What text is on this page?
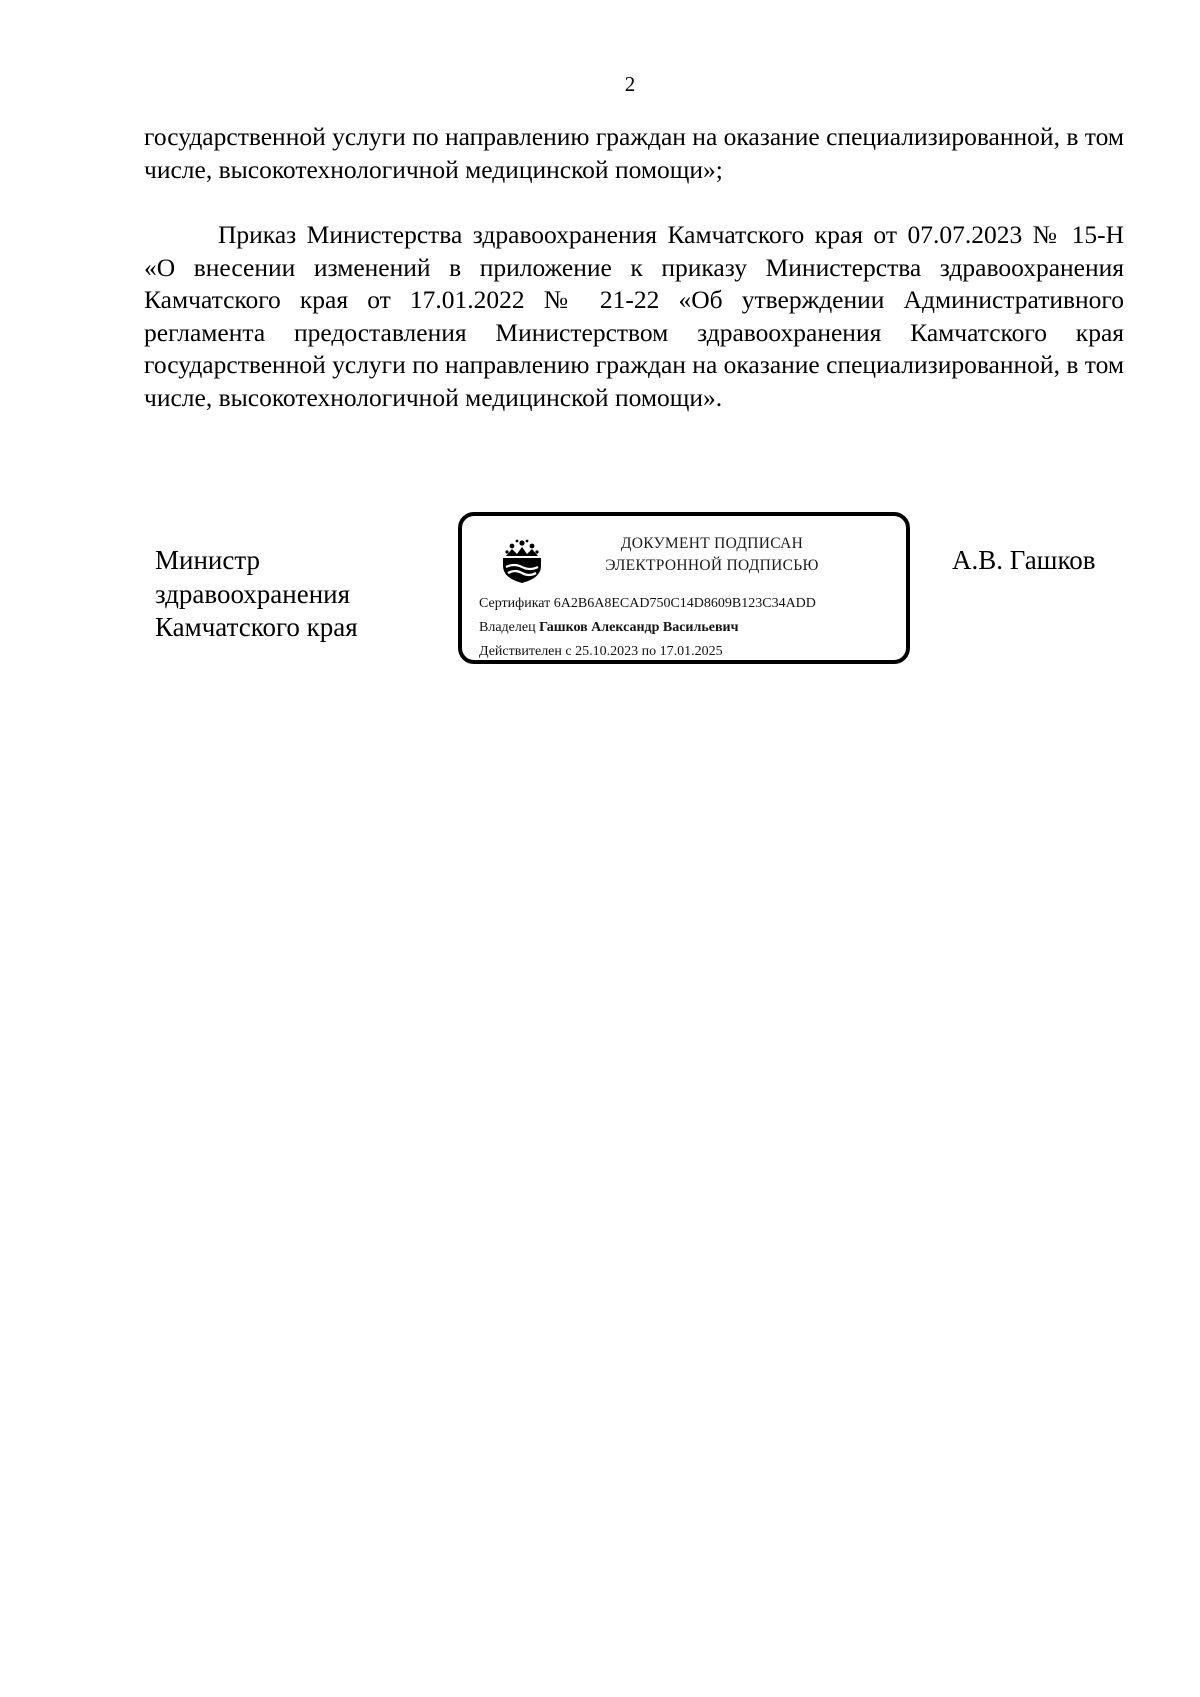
2
государственной услуги по направлению граждан на оказание специализированной, в том числе, высокотехнологичной медицинской помощи»;
Приказ Министерства здравоохранения Камчатского края от 07.07.2023 № 15-Н «О внесении изменений в приложение к приказу Министерства здравоохранения Камчатского края от 17.01.2022 № 21-22 «Об утверждении Административного регламента предоставления Министерством здравоохранения Камчатского края государственной услуги по направлению граждан на оказание специализированной, в том числе, высокотехнологичной медицинской помощи».
Министр
здравоохранения
Камчатского края
ДОКУМЕНТ ПОДПИСАН
ЭЛЕКТРОННОЙ ПОДПИСЬЮ
Сертификат 6A2B6A8ECAD750C14D8609B123C34ADD
Владелец Гашков Александр Васильевич
Действителен с 25.10.2023 по 17.01.2025
А.В. Гашков
